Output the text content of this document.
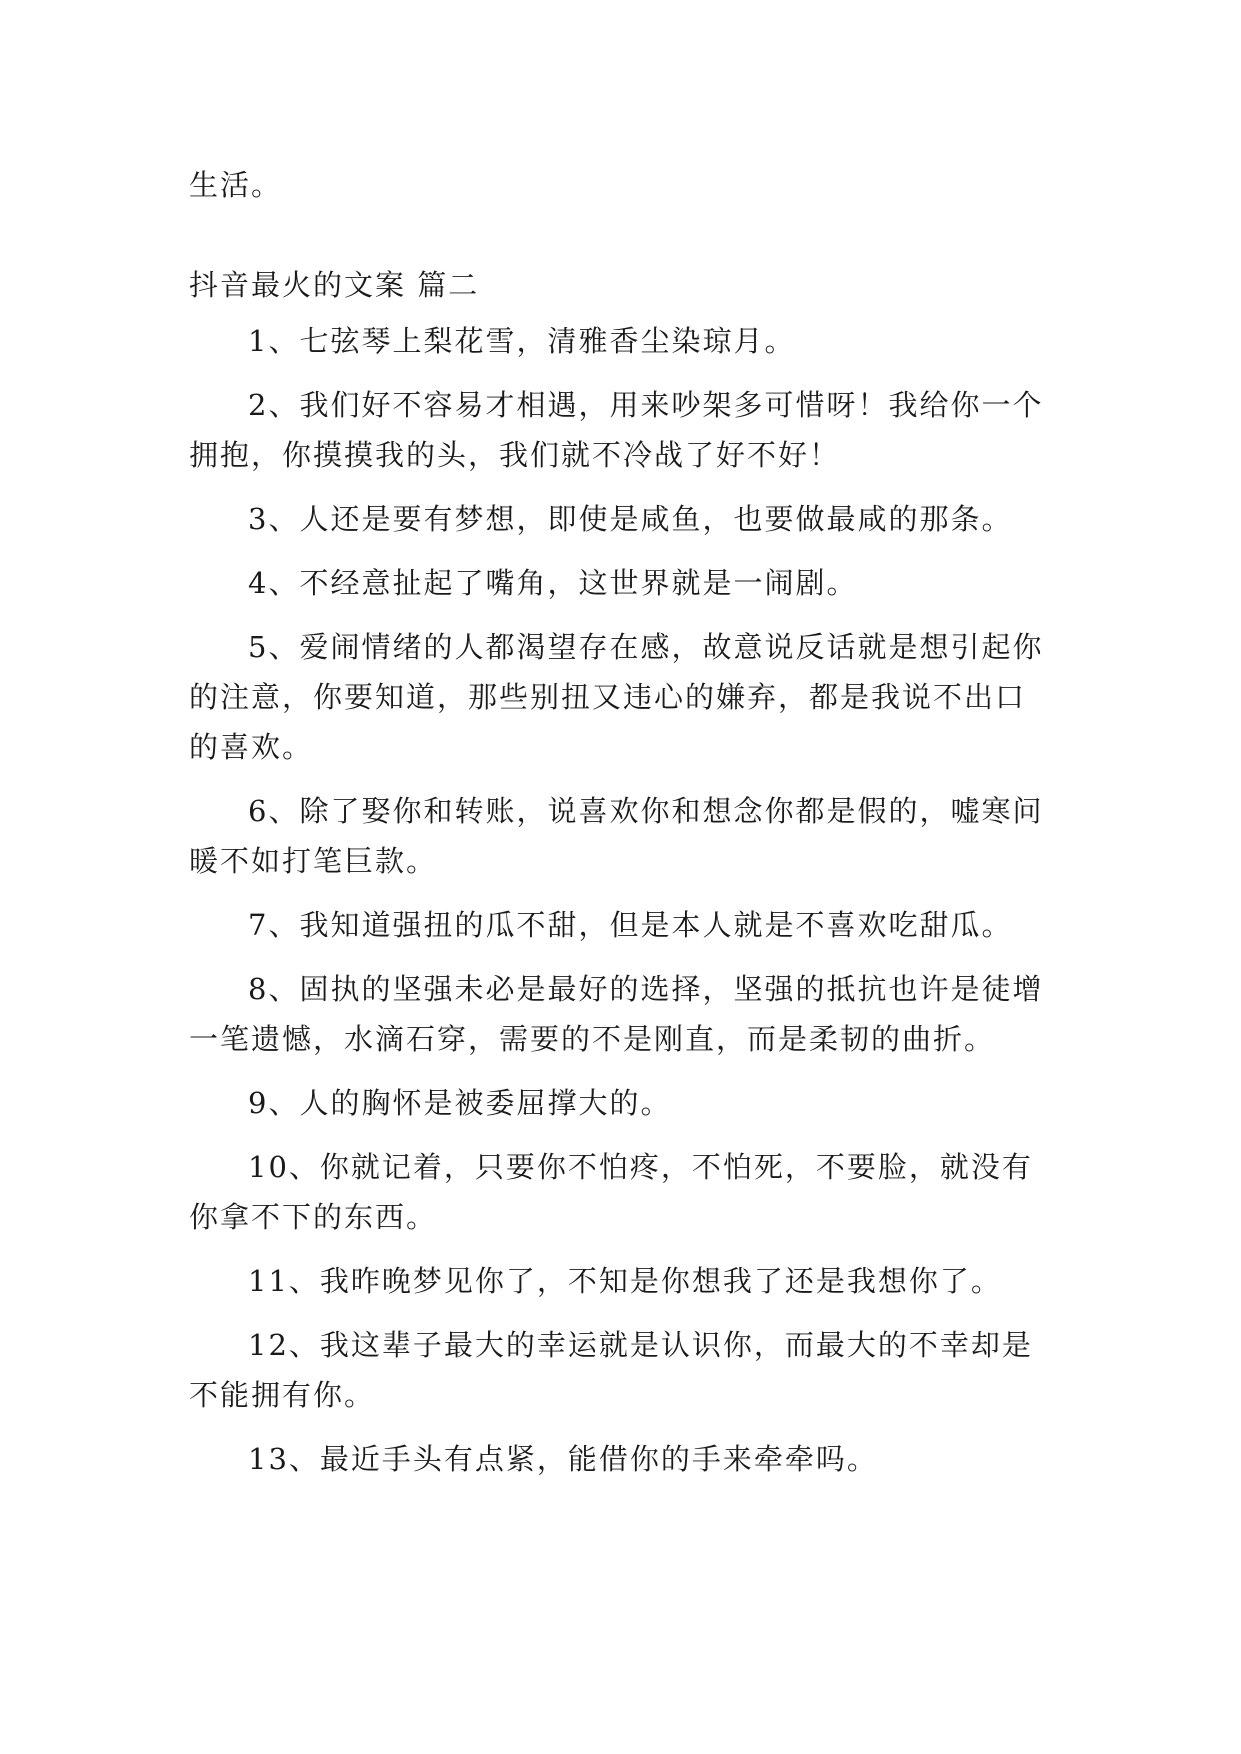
生活。

抖音最火的文案 篇二

1、七弦琴上梨花雪，清雅香尘染琼月。

2、我们好不容易才相遇，用来吵架多可惜呀！我给你一个拥抱，你摸摸我的头，我们就不冷战了好不好！

3、人还是要有梦想，即使是咸鱼，也要做最咸的那条。

4、不经意扯起了嘴角，这世界就是一闹剧。

5、爱闹情绪的人都渴望存在感，故意说反话就是想引起你的注意，你要知道，那些别扭又违心的嫌弃，都是我说不出口的喜欢。

6、除了娶你和转账，说喜欢你和想念你都是假的，嘘寒问暖不如打笔巨款。

7、我知道强扭的瓜不甜，但是本人就是不喜欢吃甜瓜。

8、固执的坚强未必是最好的选择，坚强的抵抗也许是徒增一笔遗憾，水滴石穿，需要的不是刚直，而是柔韧的曲折。

9、人的胸怀是被委屈撑大的。

10、你就记着，只要你不怕疼，不怕死，不要脸，就没有你拿不下的东西。

11、我昨晚梦见你了，不知是你想我了还是我想你了。

12、我这辈子最大的幸运就是认识你，而最大的不幸却是不能拥有你。

13、最近手头有点紧，能借你的手来牵牵吗。
